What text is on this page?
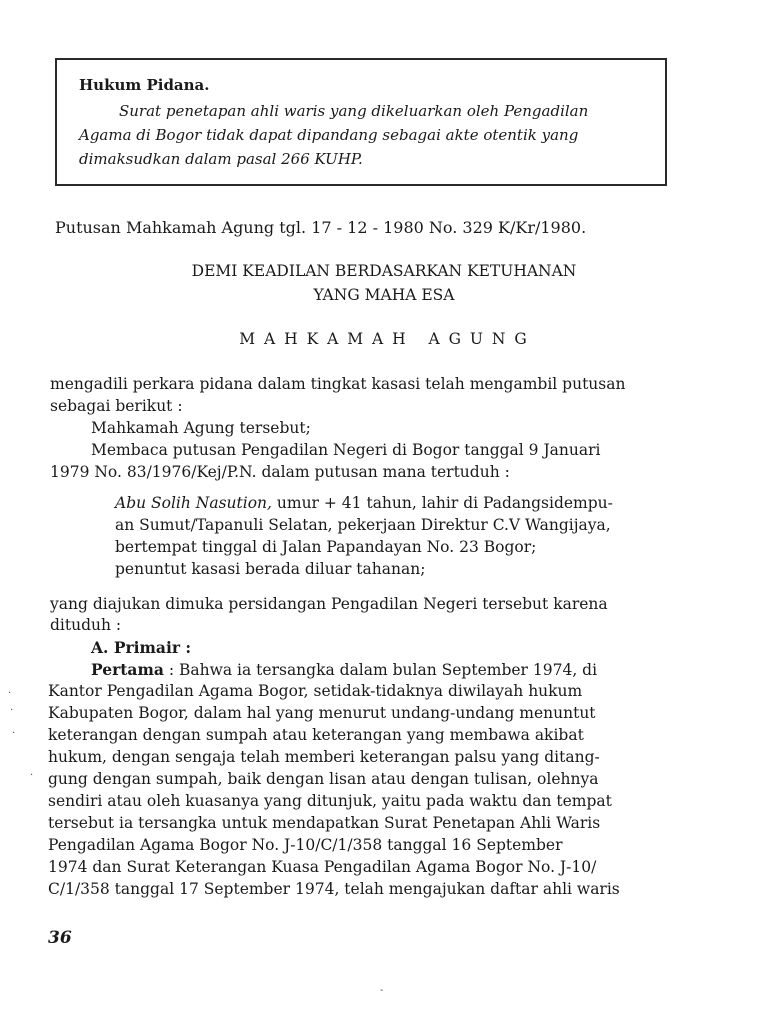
Hukum Pidana.
Surat penetapan ahli waris yang dikeluarkan oleh Pengadilan
Agama di Bogor tidak dapat dipandang sebagai akte otentik yang
dimaksudkan dalam pasal 266 KUHP.
Putusan Mahkamah Agung tgl. 17 - 12 - 1980 No. 329 K/Kr/1980.
DEMI KEADILAN BERDASARKAN KETUHANAN
YANG MAHA ESA
M A H K A M A H   A G U N G
mengadili perkara pidana dalam tingkat kasasi telah mengambil putusan
sebagai berikut :
Mahkamah Agung tersebut;
Membaca putusan Pengadilan Negeri di Bogor tanggal 9 Januari
1979 No. 83/1976/Kej/P.N. dalam putusan mana tertuduh :
Abu Solih Nasution, umur + 41 tahun, lahir di Padangsidempu-
an Sumut/Tapanuli Selatan, pekerjaan Direktur C.V Wangijaya,
bertempat tinggal di Jalan Papandayan No. 23 Bogor;
penuntut kasasi berada diluar tahanan;
yang diajukan dimuka persidangan Pengadilan Negeri tersebut karena
dituduh :
A. Primair :
Pertama : Bahwa ia tersangka dalam bulan September 1974, di
Kantor Pengadilan Agama Bogor, setidak-tidaknya diwilayah hukum
Kabupaten Bogor, dalam hal yang menurut undang-undang menuntut
keterangan dengan sumpah atau keterangan yang membawa akibat
hukum, dengan sengaja telah memberi keterangan palsu yang ditang-
gung dengan sumpah, baik dengan lisan atau dengan tulisan, olehnya
sendiri atau oleh kuasanya yang ditunjuk, yaitu pada waktu dan tempat
tersebut ia tersangka untuk mendapatkan Surat Penetapan Ahli Waris
Pengadilan Agama Bogor No. J-10/C/1/358 tanggal 16 September
1974 dan Surat Keterangan Kuasa Pengadilan Agama Bogor No. J-10/
C/1/358 tanggal 17 September 1974, telah mengajukan daftar ahli waris
36
·
·
·
·
-
